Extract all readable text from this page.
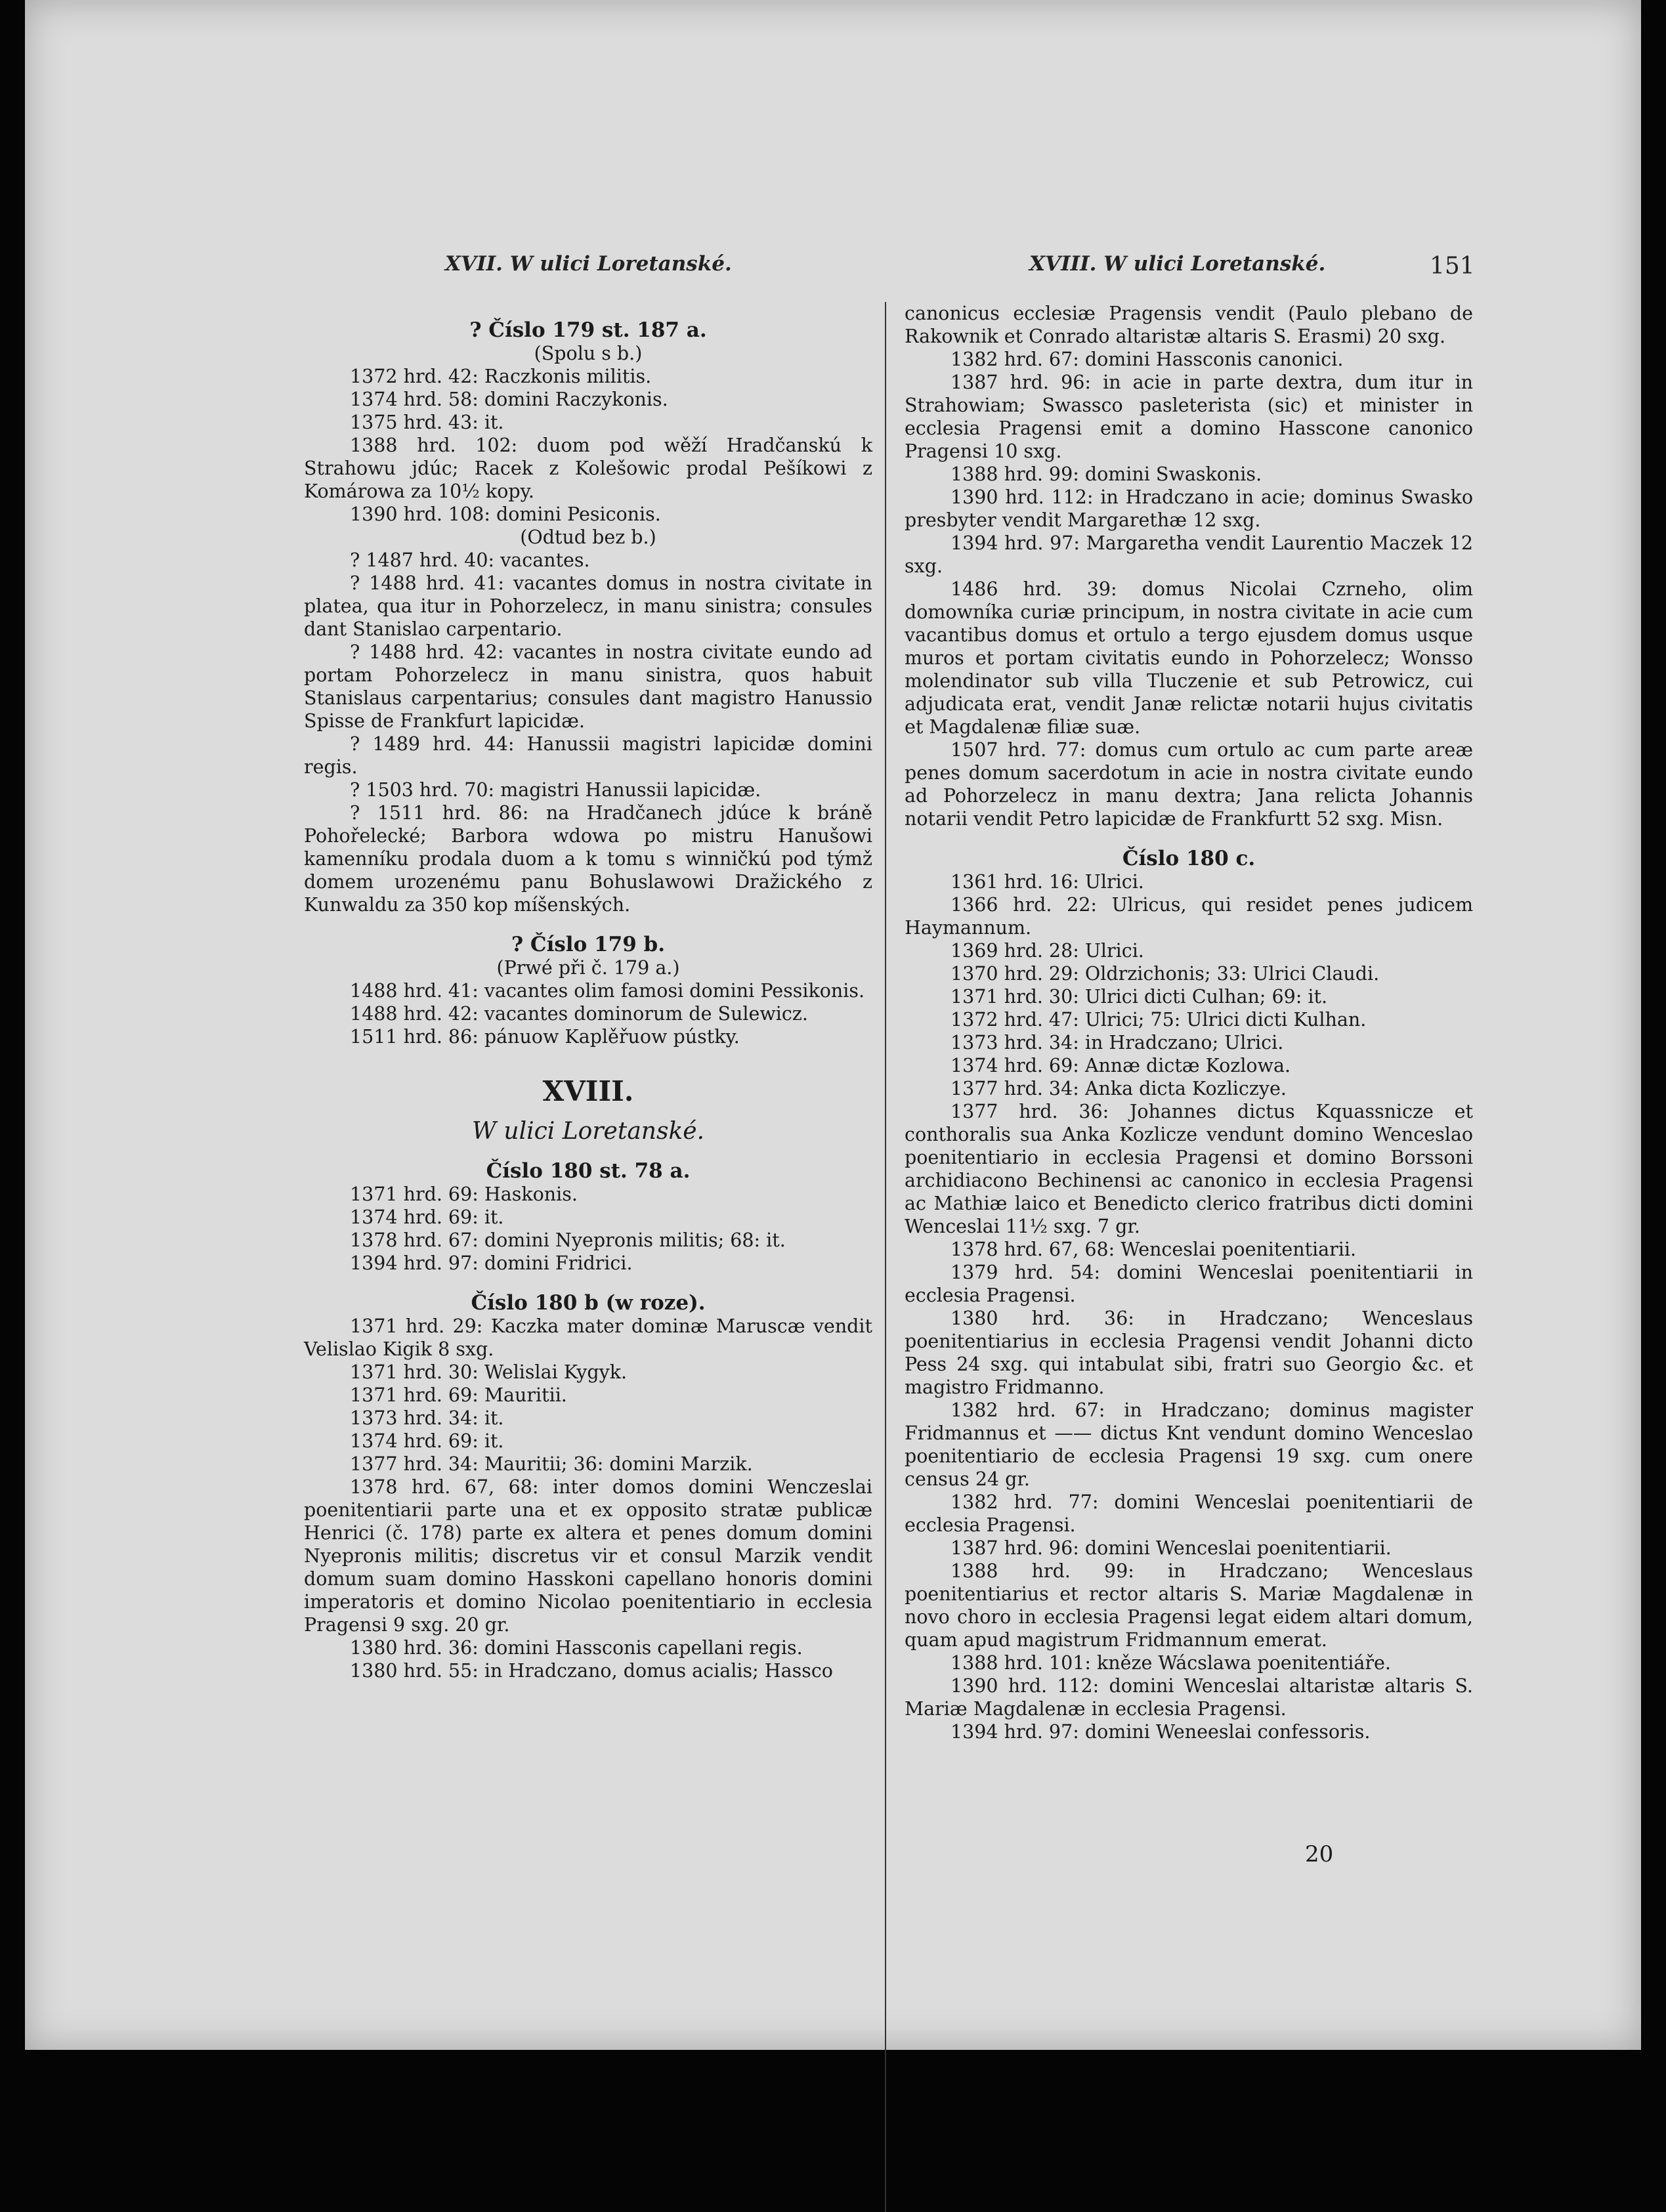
XVII. W ulici Loretanské.	XVIII. W ulici Loretanské.	151

? Číslo 179 st. 187 a.

(Spolu s b.)

1372 hrd. 42: Raczkonis militis.

1374 hrd. 58: domini Raczykonis.

1375 hrd. 43: it.

1388 hrd. 102: duom pod wěží Hradčanskú k Strahowu jdúc; Racek z Kolešowic prodal Pešíkowi z Komárowa za 10½ kopy.

1390 hrd. 108: domini Pesiconis.

(Odtud bez b.)

? 1487 hrd. 40: vacantes.

? 1488 hrd. 41: vacantes domus in nostra civitate in platea, qua itur in Pohorzelecz, in manu sinistra; consules dant Stanislao carpentario.

? 1488 hrd. 42: vacantes in nostra civitate eundo ad portam Pohorzelecz in manu sinistra, quos habuit Stanislaus carpentarius; consules dant magistro Hanussio Spisse de Frankfurt lapicidæ.

? 1489 hrd. 44: Hanussii magistri lapicidæ domini regis.

? 1503 hrd. 70: magistri Hanussii lapicidæ.

? 1511 hrd. 86: na Hradčanech jdúce k bráně Pohořelecké; Barbora wdowa po mistru Hanušowi kamenníku prodala duom a k tomu s winničkú pod týmž domem urozenému panu Bohuslawowi Dražického z Kunwaldu za 350 kop míšenských.

? Číslo 179 b.

(Prwé při č. 179 a.)

1488 hrd. 41: vacantes olim famosi domini Pessikonis.

1488 hrd. 42: vacantes dominorum de Sulewicz.

1511 hrd. 86: pánuow Kaplěřuow pústky.

XVIII.

W ulici Loretanské.

Číslo 180 st. 78 a.

1371 hrd. 69: Haskonis.

1374 hrd. 69: it.

1378 hrd. 67: domini Nyepronis militis; 68: it.

1394 hrd. 97: domini Fridrici.

Číslo 180 b (w roze).

1371 hrd. 29: Kaczka mater dominæ Maruscæ vendit Velislao Kigik 8 sxg.

1371 hrd. 30: Welislai Kygyk.

1371 hrd. 69: Mauritii.

1373 hrd. 34: it.

1374 hrd. 69: it.

1377 hrd. 34: Mauritii; 36: domini Marzik.

1378 hrd. 67, 68: inter domos domini Wenczeslai poenitentiarii parte una et ex opposito stratæ publicæ Henrici (č. 178) parte ex altera et penes domum domini Nyepronis militis; discretus vir et consul Marzik vendit domum suam domino Hasskoni capellano honoris domini imperatoris et domino Nicolao poenitentiario in ecclesia Pragensi 9 sxg. 20 gr.

1380 hrd. 36: domini Hassconis capellani regis.

1380 hrd. 55: in Hradczano, domus acialis; Hassco

canonicus ecclesiæ Pragensis vendit (Paulo plebano de Rakownik et Conrado altaristæ altaris S. Erasmi) 20 sxg.

1382 hrd. 67: domini Hassconis canonici.

1387 hrd. 96: in acie in parte dextra, dum itur in Strahowiam; Swassco pasleterista (sic) et minister in ecclesia Pragensi emit a domino Hasscone canonico Pragensi 10 sxg.

1388 hrd. 99: domini Swaskonis.

1390 hrd. 112: in Hradczano in acie; dominus Swasko presbyter vendit Margarethæ 12 sxg.

1394 hrd. 97: Margaretha vendit Laurentio Maczek 12 sxg.

1486 hrd. 39: domus Nicolai Czrneho, olim domowníka curiæ principum, in nostra civitate in acie cum vacantibus domus et ortulo a tergo ejusdem domus usque muros et portam civitatis eundo in Pohorzelecz; Wonsso molendinator sub villa Tluczenie et sub Petrowicz, cui adjudicata erat, vendit Janæ relictæ notarii hujus civitatis et Magdalenæ filiæ suæ.

1507 hrd. 77: domus cum ortulo ac cum parte areæ penes domum sacerdotum in acie in nostra civitate eundo ad Pohorzelecz in manu dextra; Jana relicta Johannis notarii vendit Petro lapicidæ de Frankfurtt 52 sxg. Misn.

Číslo 180 c.

1361 hrd. 16: Ulrici.

1366 hrd. 22: Ulricus, qui residet penes judicem Haymannum.

1369 hrd. 28: Ulrici.

1370 hrd. 29: Oldrzichonis; 33: Ulrici Claudi.

1371 hrd. 30: Ulrici dicti Culhan; 69: it.

1372 hrd. 47: Ulrici; 75: Ulrici dicti Kulhan.

1373 hrd. 34: in Hradczano; Ulrici.

1374 hrd. 69: Annæ dictæ Kozlowa.

1377 hrd. 34: Anka dicta Kozliczye.

1377 hrd. 36: Johannes dictus Kquassnicze et conthoralis sua Anka Kozlicze vendunt domino Wenceslao poenitentiario in ecclesia Pragensi et domino Borssoni archidiacono Bechinensi ac canonico in ecclesia Pragensi ac Mathiæ laico et Benedicto clerico fratribus dicti domini Wenceslai 11½ sxg. 7 gr.

1378 hrd. 67, 68: Wenceslai poenitentiarii.

1379 hrd. 54: domini Wenceslai poenitentiarii in ecclesia Pragensi.

1380 hrd. 36: in Hradczano; Wenceslaus poenitentiarius in ecclesia Pragensi vendit Johanni dicto Pess 24 sxg. qui intabulat sibi, fratri suo Georgio &c. et magistro Fridmanno.

1382 hrd. 67: in Hradczano; dominus magister Fridmannus et —— dictus Knt vendunt domino Wenceslao poenitentiario de ecclesia Pragensi 19 sxg. cum onere census 24 gr.

1382 hrd. 77: domini Wenceslai poenitentiarii de ecclesia Pragensi.

1387 hrd. 96: domini Wenceslai poenitentiarii.

1388 hrd. 99: in Hradczano; Wenceslaus poenitentiarius et rector altaris S. Mariæ Magdalenæ in novo choro in ecclesia Pragensi legat eidem altari domum, quam apud magistrum Fridmannum emerat.

1388 hrd. 101: kněze Wácslawa poenitentiáře.

1390 hrd. 112: domini Wenceslai altaristæ altaris S. Mariæ Magdalenæ in ecclesia Pragensi.

1394 hrd. 97: domini Weneeslai confessoris.

20
